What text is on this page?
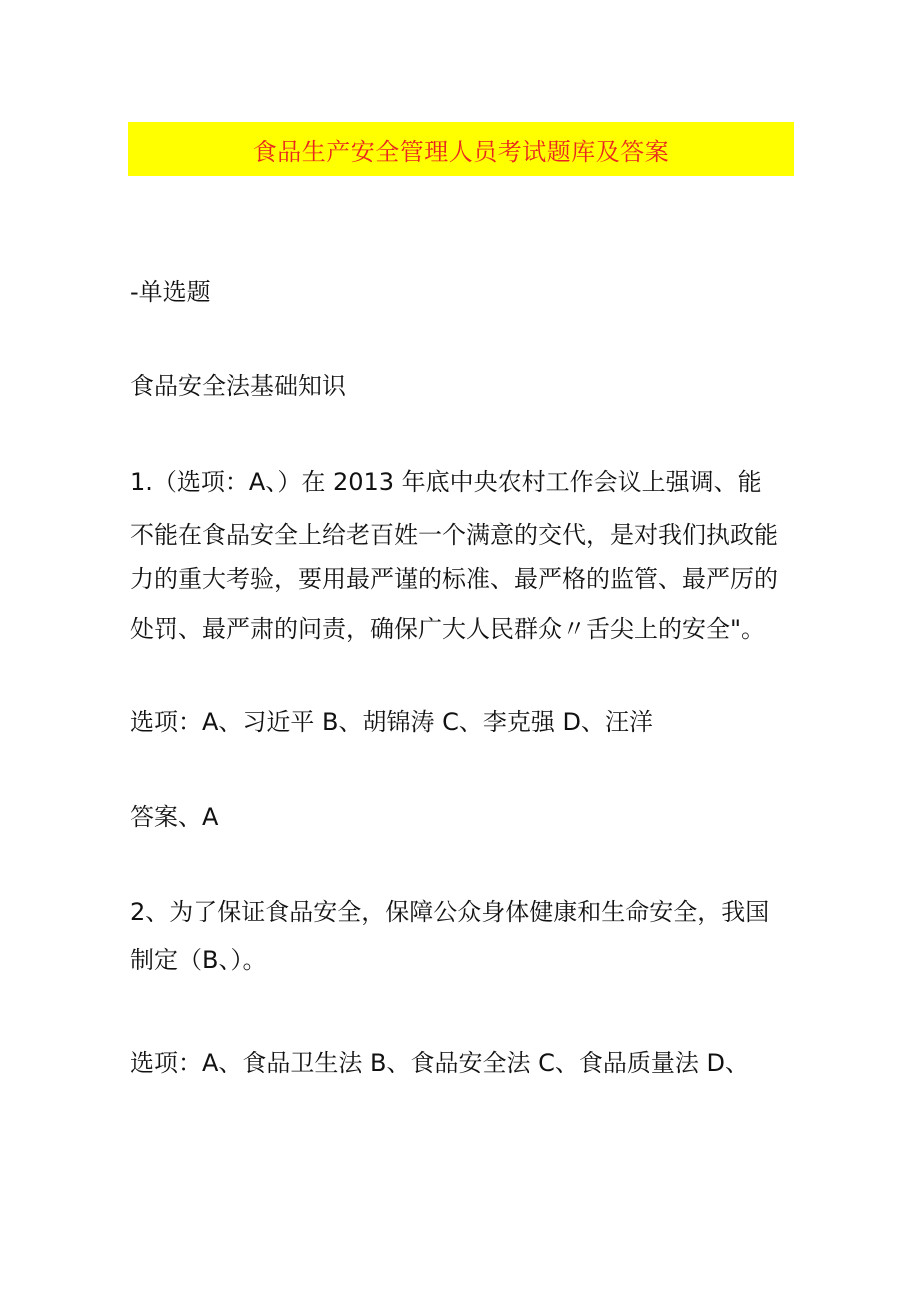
食品生产安全管理人员考试题库及答案
-单选题
食品安全法基础知识
1.（选项：A、）在 2013 年底中央农村工作会议上强调、能
不能在食品安全上给老百姓一个满意的交代，是对我们执政能
力的重大考验，要用最严谨的标准、最严格的监管、最严厉的
处罚、最严肃的问责，确保广大人民群众〃舌尖上的安全"。
选项：A、习近平 B、胡锦涛 C、李克强 D、汪洋
答案、A
2、为了保证食品安全，保障公众身体健康和生命安全，我国
制定（B、）。
选项：A、食品卫生法 B、食品安全法 C、食品质量法 D、
